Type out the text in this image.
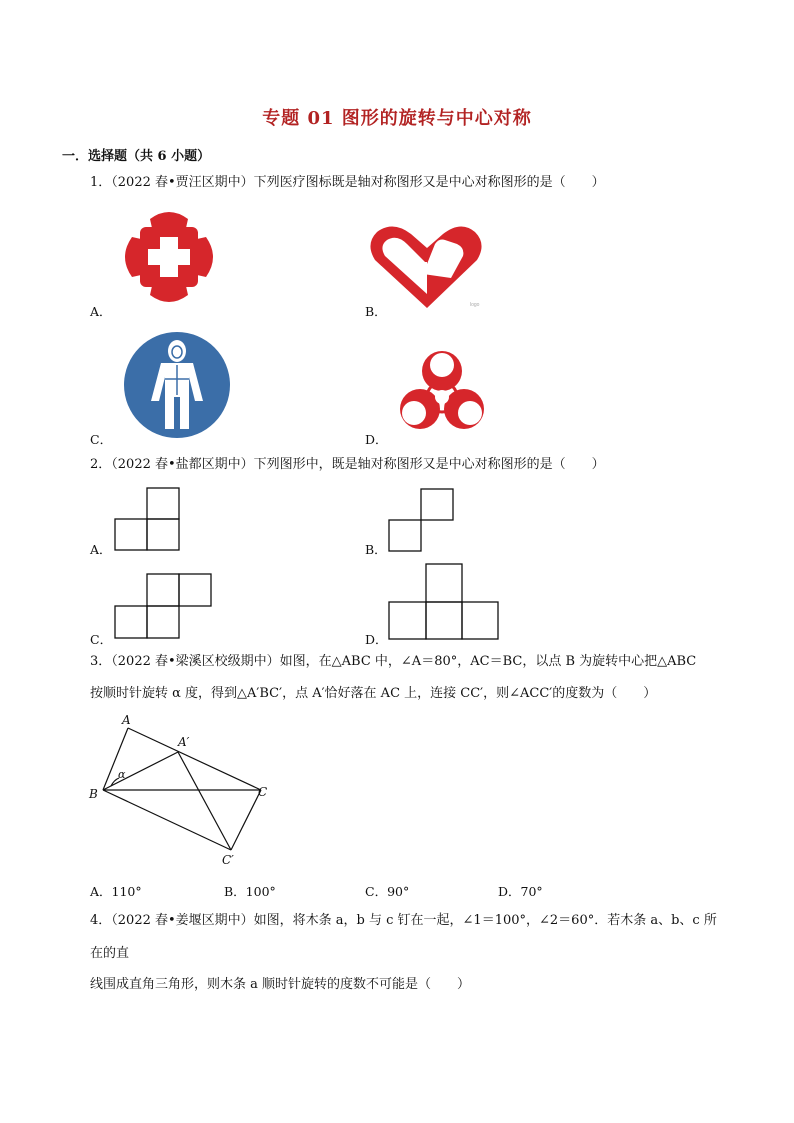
专题 01 图形的旋转与中心对称
一．选择题（共 6 小题）
1．（2022 春•贾汪区期中）下列医疗图标既是轴对称图形又是中心对称图形的是（　　）
A．	logo
B．
C．	D．
2．（2022 春•盐都区期中）下列图形中，既是轴对称图形又是中心对称图形的是（　　）
A．	B．
C．	D．
3．（2022 春•梁溪区校级期中）如图，在△ABC 中，∠A＝80°，AC＝BC，以点 B 为旋转中心把△ABC
按顺时针旋转 α 度，得到△A′BC′，点 A′恰好落在 AC 上，连接 CC′，则∠ACC′的度数为（　　）
A
A′
B	C
C′
α
A．110°	B．100°	C．90°	D．70°
4．（2022 春•姜堰区期中）如图，将木条 a，b 与 c 钉在一起，∠1＝100°，∠2＝60°．若木条 a、b、c 所
在的直
线围成直角三角形，则木条 a 顺时针旋转的度数不可能是（　　）
